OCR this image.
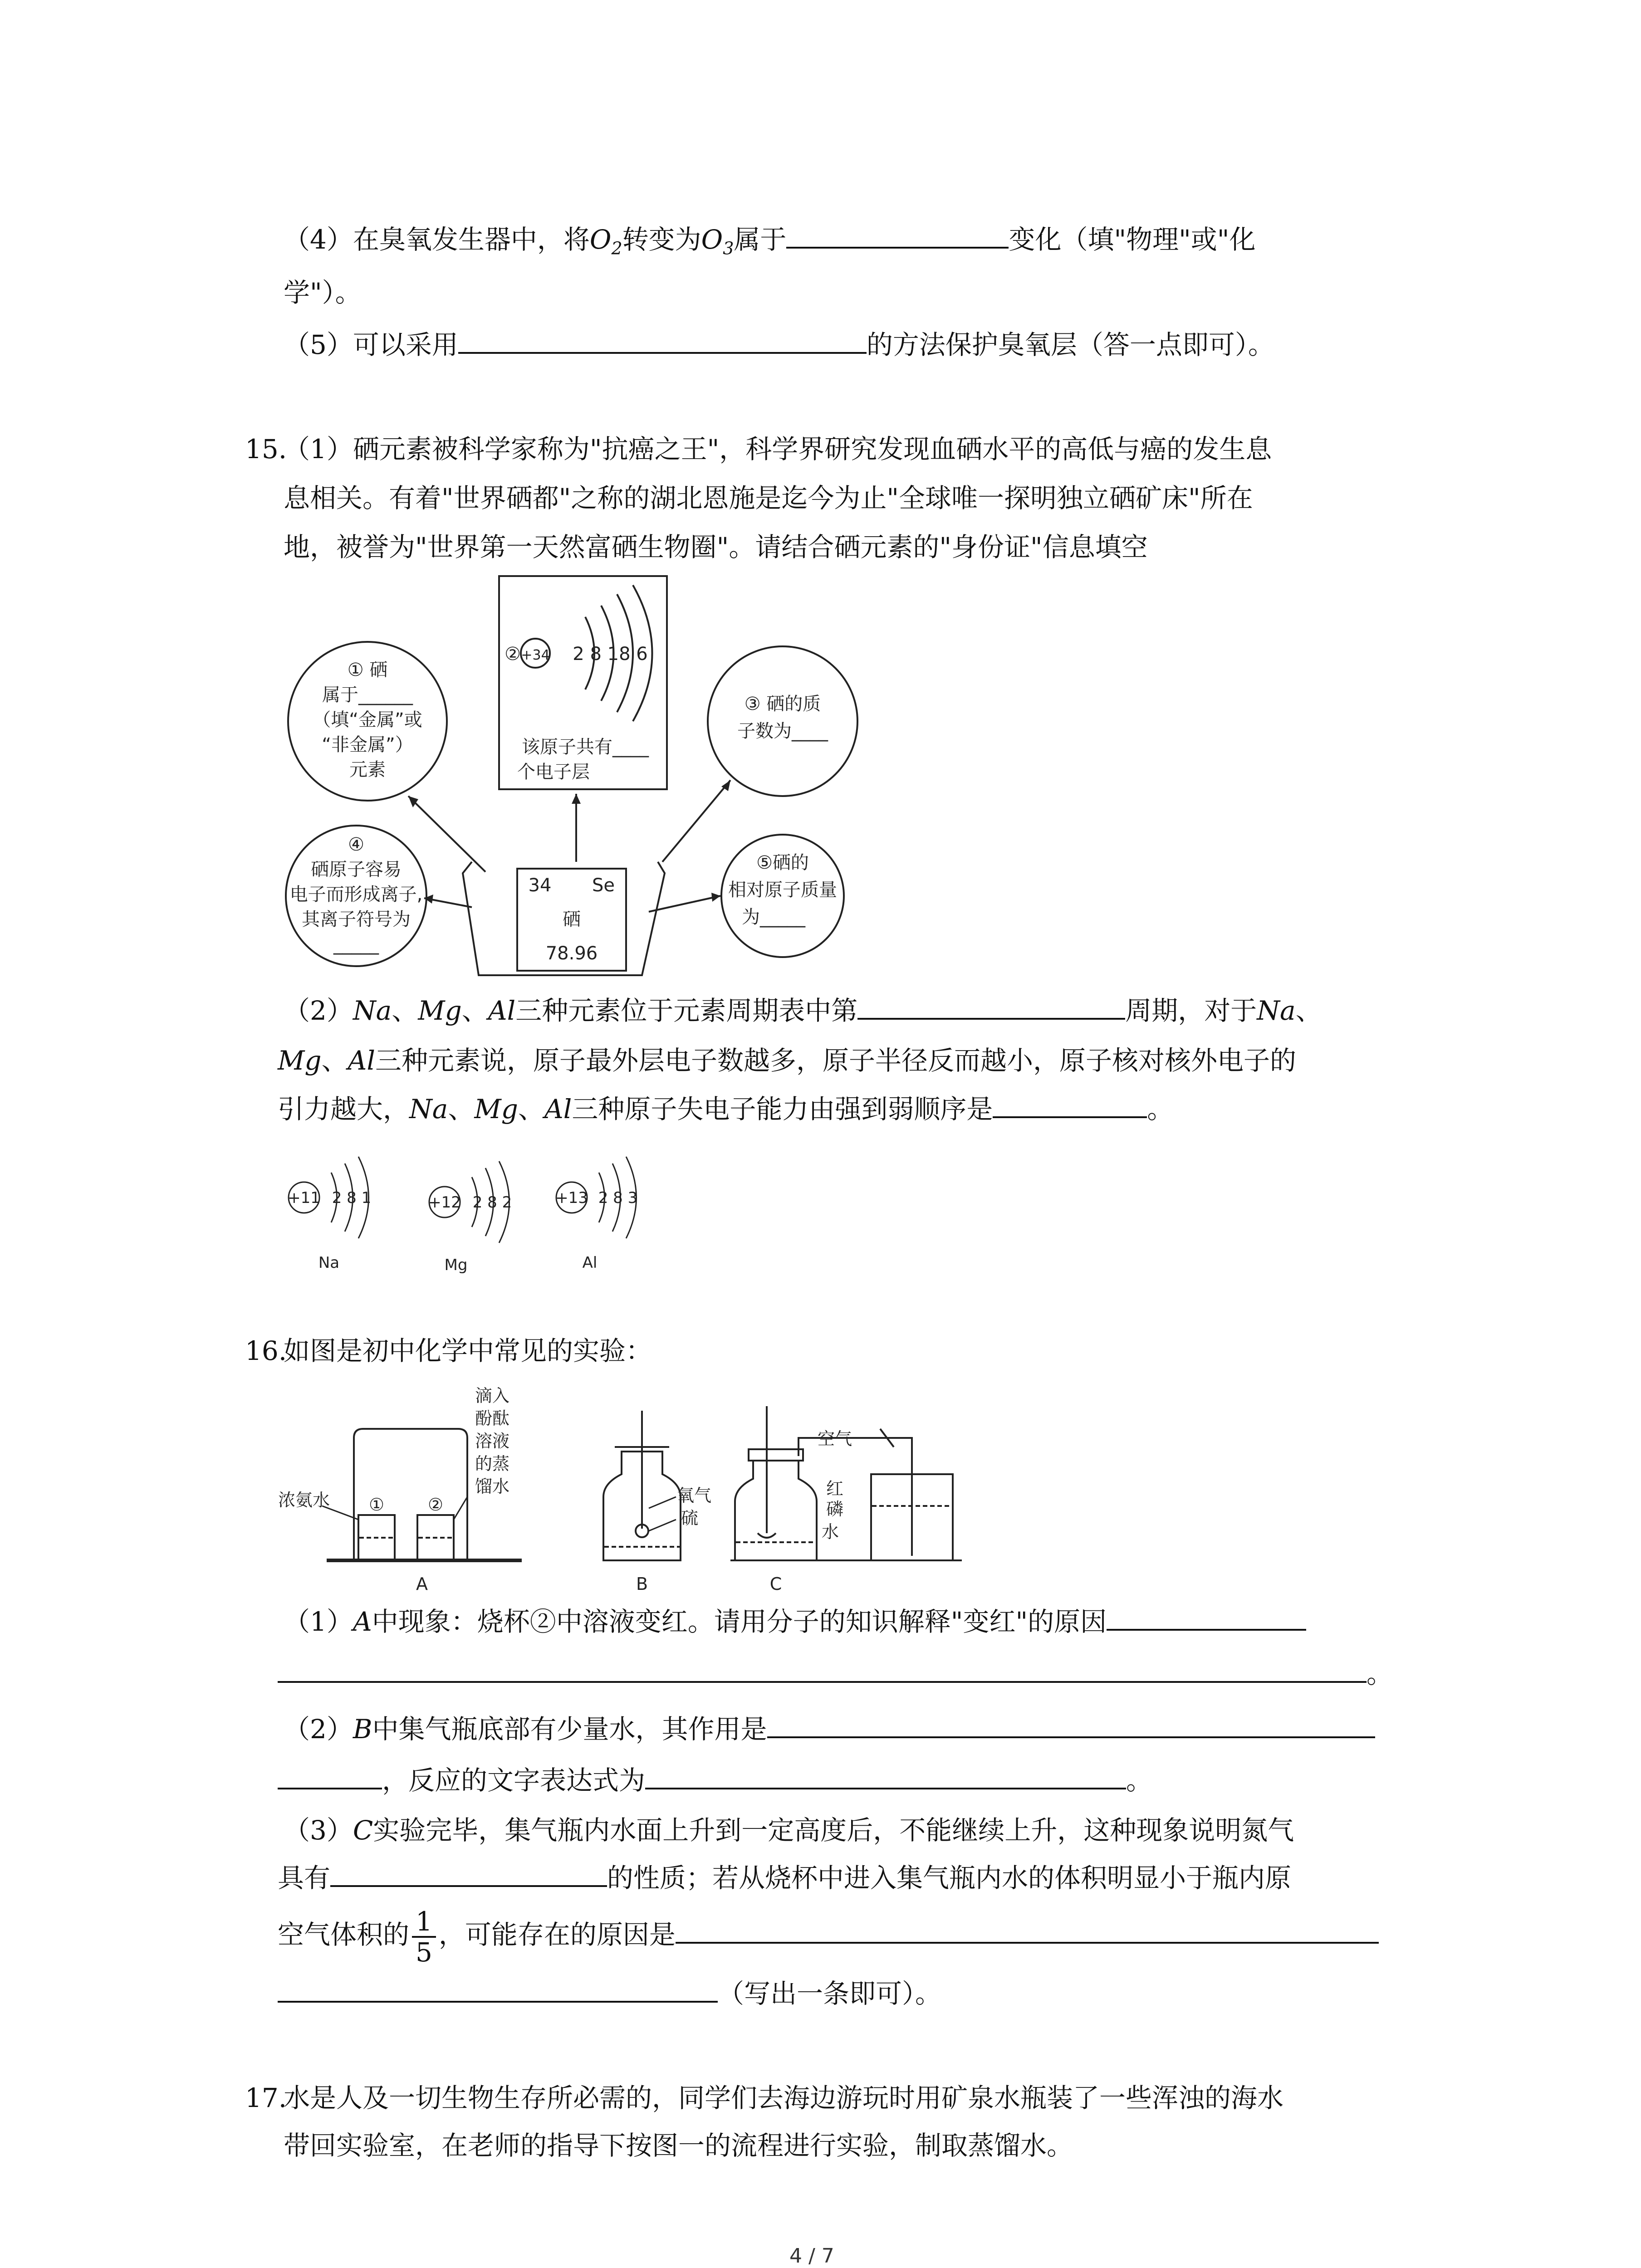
（4）在臭氧发生器中，将$O_2$转变为$O_3$属于	变化（填"物理"或"化
学"）。
（5）可以采用	的方法保护臭氧层（答一点即可）。
15.
（1）硒元素被科学家称为"抗癌之王"，科学界研究发现血硒水平的高低与癌的发生息
息相关。有着"世界硒都"之称的湖北恩施是迄今为止"全球唯一探明独立硒矿床"所在
地，被誉为"世界第一天然富硒生物圈"。请结合硒元素的"身份证"信息填空
① 硒
属于______
（填“金属”或
“非金属”）
元素
② +34 2 8 18 6
该原子共有____
个电子层
③ 硒的质
子数为____
④
硒原子容易
电子而形成离子,
其离子符号为
_____
⑤硒的
相对原子质量
为_____
34 Se
硒
78.96
（2）Na、Mg、Al三种元素位于元素周期表中第	周期，对于Na、
Mg、Al三种元素说，原子最外层电子数越多，原子半径反而越小，原子核对核外电子的
引力越大，Na、Mg、Al三种原子失电子能力由强到弱顺序是	。
+11 2 8 1
Na
+12 2 8 2
Mg
+13 2 8 3
Al
16.
如图是初中化学中常见的实验：
浓氨水 ①	②
滴入
酚酞
溶液
的蒸
馏水
A
氧气
硫
B
空气
红
磷
水
C
（1）A中现象：烧杯②中溶液变红。请用分子的知识解释"变红"的原因
。
（2）B中集气瓶底部有少量水，其作用是
，反应的文字表达式为	。
（3）C实验完毕，集气瓶内水面上升到一定高度后，不能继续上升，这种现象说明氮气
具有	的性质；若从烧杯中进入集气瓶内水的体积明显小于瓶内原
空气体积的 $\frac{1}{5}$ ，可能存在的原因是
（写出一条即可）。
17.
水是人及一切生物生存所必需的，同学们去海边游玩时用矿泉水瓶装了一些浑浊的海水
带回实验室，在老师的指导下按图一的流程进行实验，制取蒸馏水。
4 / 7
